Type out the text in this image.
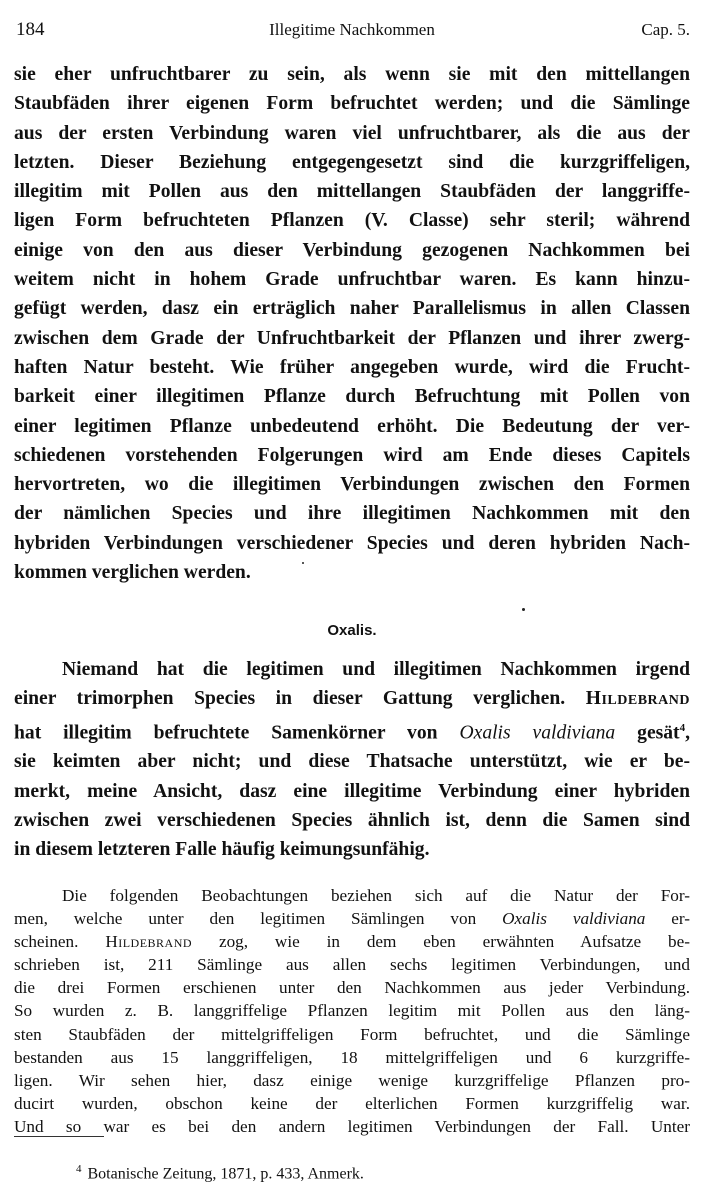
184	Illegitime Nachkommen	Cap. 5.
sie eher unfruchtbarer zu sein, als wenn sie mit den mittellangen
Staubfäden ihrer eigenen Form befruchtet werden; und die Sämlinge
aus der ersten Verbindung waren viel unfruchtbarer, als die aus der
letzten. Dieser Beziehung entgegengesetzt sind die kurzgriffeligen,
illegitim mit Pollen aus den mittellangen Staubfäden der langgriffe-
ligen Form befruchteten Pflanzen (V. Classe) sehr steril; während
einige von den aus dieser Verbindung gezogenen Nachkommen bei
weitem nicht in hohem Grade unfruchtbar waren. Es kann hinzu-
gefügt werden, dasz ein erträglich naher Parallelismus in allen Classen
zwischen dem Grade der Unfruchtbarkeit der Pflanzen und ihrer zwerg-
haften Natur besteht. Wie früher angegeben wurde, wird die Frucht-
barkeit einer illegitimen Pflanze durch Befruchtung mit Pollen von
einer legitimen Pflanze unbedeutend erhöht. Die Bedeutung der ver-
schiedenen vorstehenden Folgerungen wird am Ende dieses Capitels
hervortreten, wo die illegitimen Verbindungen zwischen den Formen
der nämlichen Species und ihre illegitimen Nachkommen mit den
hybriden Verbindungen verschiedener Species und deren hybriden Nach-
kommen verglichen werden.
Oxalis.
Niemand hat die legitimen und illegitimen Nachkommen irgend
einer trimorphen Species in dieser Gattung verglichen. Hildebrand
hat illegitim befruchtete Samenkörner von Oxalis valdiviana gesät$^4$,
sie keimten aber nicht; und diese Thatsache unterstützt, wie er be-
merkt, meine Ansicht, dasz eine illegitime Verbindung einer hybriden
zwischen zwei verschiedenen Species ähnlich ist, denn die Samen sind
in diesem letzteren Falle häufig keimungsunfähig.
Die folgenden Beobachtungen beziehen sich auf die Natur der For-
men, welche unter den legitimen Sämlingen von Oxalis valdiviana er-
scheinen. Hildebrand zog, wie in dem eben erwähnten Aufsatze be-
schrieben ist, 211 Sämlinge aus allen sechs legitimen Verbindungen, und
die drei Formen erschienen unter den Nachkommen aus jeder Verbindung.
So wurden z. B. langgriffelige Pflanzen legitim mit Pollen aus den läng-
sten Staubfäden der mittelgriffeligen Form befruchtet, und die Sämlinge
bestanden aus 15 langgriffeligen, 18 mittelgriffeligen und 6 kurzgriffe-
ligen. Wir sehen hier, dasz einige wenige kurzgriffelige Pflanzen pro-
ducirt wurden, obschon keine der elterlichen Formen kurzgriffelig war.
Und so war es bei den andern legitimen Verbindungen der Fall. Unter
$^4$ Botanische Zeitung, 1871, p. 433, Anmerk.
